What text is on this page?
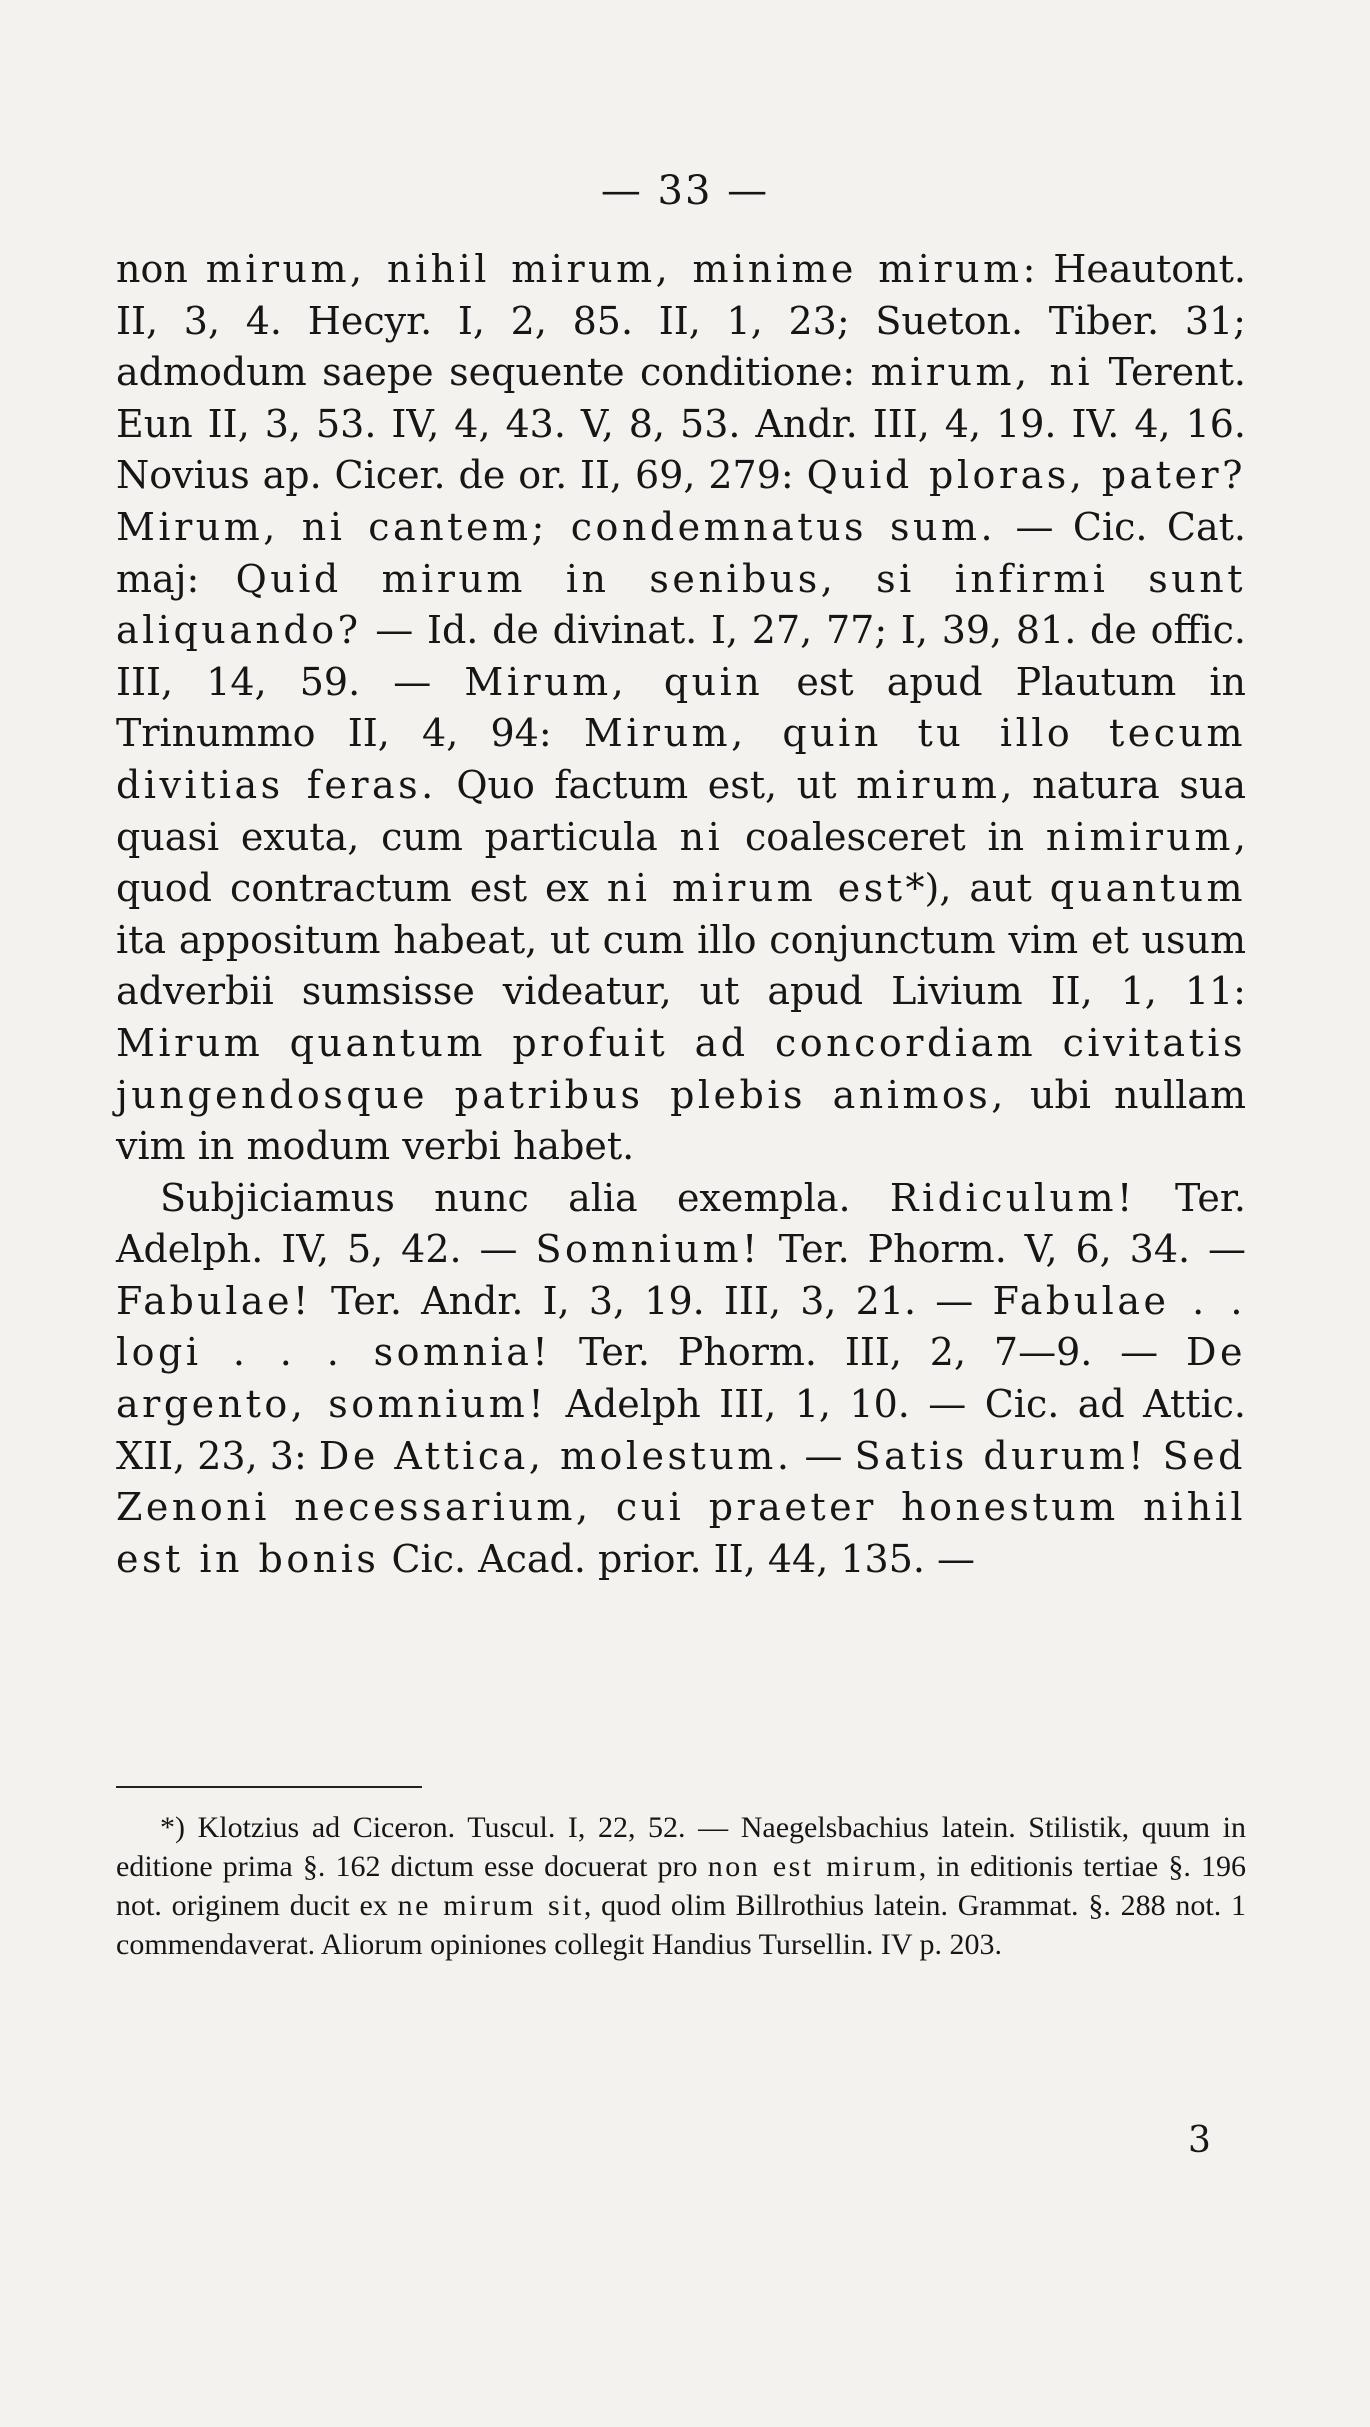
— 33 —

non mirum, nihil mirum, minime mirum: Heautont. II, 3, 4. Hecyr. I, 2, 85. II, 1, 23; Sueton. Tiber. 31; admodum saepe sequente conditione: mirum, ni Terent. Eun II, 3, 53. IV, 4, 43. V, 8, 53. Andr. III, 4, 19. IV. 4, 16. Novius ap. Cicer. de or. II, 69, 279: Quid ploras, pater? Mirum, ni cantem; condemnatus sum. — Cic. Cat. maj: Quid mirum in senibus, si infirmi sunt aliquando? — Id. de divinat. I, 27, 77; I, 39, 81. de offic. III, 14, 59. — Mirum, quin est apud Plautum in Trinummo II, 4, 94: Mirum, quin tu illo tecum divitias feras. Quo factum est, ut mirum, natura sua quasi exuta, cum particula ni coalesceret in nimirum, quod contractum est ex ni mirum est*), aut quantum ita appositum habeat, ut cum illo conjunctum vim et usum adverbii sumsisse videatur, ut apud Livium II, 1, 11: Mirum quantum profuit ad concordiam civitatis jungendosque patribus plebis animos, ubi nullam vim in modum verbi habet.

Subjiciamus nunc alia exempla. Ridiculum! Ter. Adelph. IV, 5, 42. — Somnium! Ter. Phorm. V, 6, 34. — Fabulae! Ter. Andr. I, 3, 19. III, 3, 21. — Fabulae . . logi . . . somnia! Ter. Phorm. III, 2, 7—9. — De argento, somnium! Adelph III, 1, 10. — Cic. ad Attic. XII, 23, 3: De Attica, molestum. — Satis durum! Sed Zenoni necessarium, cui praeter honestum nihil est in bonis Cic. Acad. prior. II, 44, 135. —

*) Klotzius ad Ciceron. Tuscul. I, 22, 52. — Naegelsbachius latein. Stilistik, quum in editione prima §. 162 dictum esse docuerat pro non est mirum, in editionis tertiae §. 196 not. originem ducit ex ne mirum sit, quod olim Billrothius latein. Grammat. §. 288 not. 1 commendaverat. Aliorum opiniones collegit Handius Tursellin. IV p. 203.

3
